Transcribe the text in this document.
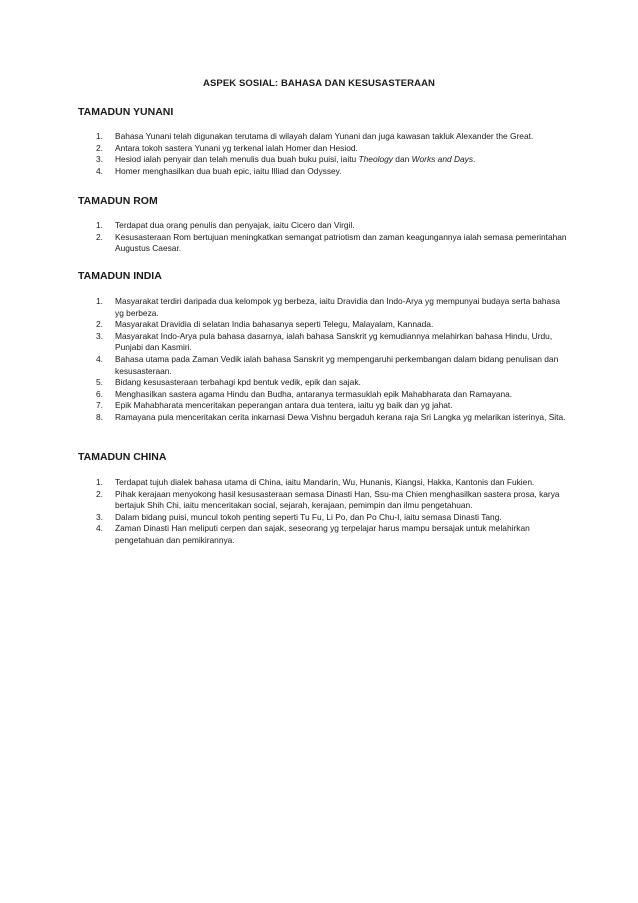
ASPEK SOSIAL: BAHASA DAN KESUSASTERAAN
TAMADUN YUNANI
1.	Bahasa Yunani telah digunakan terutama di wilayah dalam Yunani dan juga kawasan takluk Alexander the Great.
2.	Antara tokoh sastera Yunani yg terkenal ialah Homer dan Hesiod.
3.	Hesiod ialah penyair dan telah menulis dua buah buku puisi, iaitu Theology dan Works and Days.
4.	Homer menghasilkan dua buah epic, iaitu Illiad dan Odyssey.
TAMADUN ROM
1.	Terdapat dua orang penulis dan penyajak, iaitu Cicero dan Virgil.
2.	Kesusasteraan Rom bertujuan meningkatkan semangat patriotism dan zaman keagungannya ialah semasa pemerintahan Augustus Caesar.
TAMADUN INDIA
1.	Masyarakat terdiri daripada dua kelompok yg berbeza, iaitu Dravidia dan Indo-Arya yg mempunyai budaya serta bahasa yg berbeza.
2.	Masyarakat Dravidia di selatan India bahasanya seperti Telegu, Malayalam, Kannada.
3.	Masyarakat Indo-Arya pula bahasa dasarnya, ialah bahasa Sanskrit yg kemudiannya melahirkan bahasa Hindu, Urdu, Punjabi dan Kasmiri.
4.	Bahasa utama pada Zaman Vedik ialah bahasa Sanskrit yg mempengaruhi perkembangan dalam bidang penulisan dan kesusasteraan.
5.	Bidang kesusasteraan terbahagi kpd bentuk vedik, epik dan sajak.
6.	Menghasilkan sastera agama Hindu dan Budha, antaranya termasuklah epik Mahabharata dan Ramayana.
7.	Epik Mahabharata menceritakan peperangan antara dua tentera, iaitu yg baik dan yg jahat.
8.	Ramayana pula menceritakan cerita inkarnasi Dewa Vishnu bergaduh kerana raja Sri Langka yg melarikan isterinya, Sita.
TAMADUN CHINA
1.	Terdapat tujuh dialek bahasa utama di China, iaitu Mandarin, Wu, Hunanis, Kiangsi, Hakka, Kantonis dan Fukien.
2.	Pihak kerajaan menyokong hasil kesusasteraan semasa Dinasti Han, Ssu-ma Chien menghasilkan sastera prosa, karya bertajuk Shih Chi, iaitu menceritakan social, sejarah, kerajaan, pemimpin dan ilmu pengetahuan.
3.	Dalam bidang puisi, muncul tokoh penting seperti Tu Fu, Li Po, dan Po Chu-I, iaitu semasa Dinasti Tang.
4.	Zaman Dinasti Han meliputi cerpen dan sajak, seseorang yg terpelajar harus mampu bersajak untuk melahirkan pengetahuan dan pemikirannya.
